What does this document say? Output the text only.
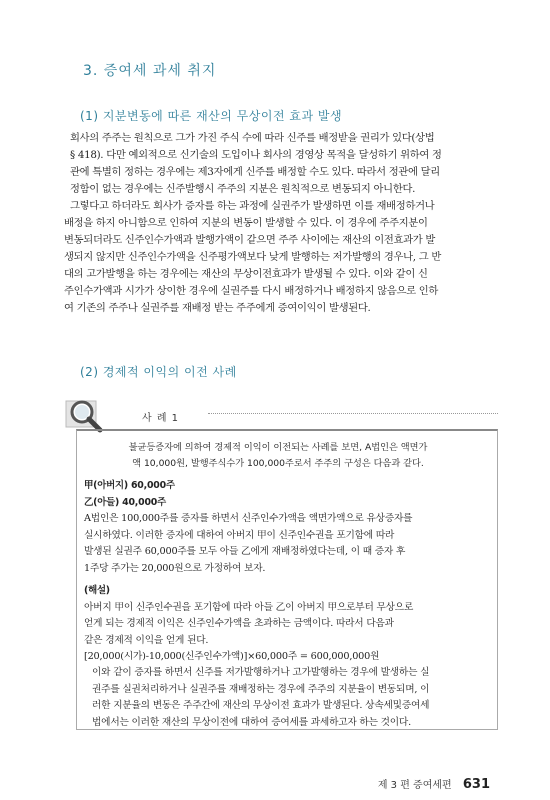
3. 증여세 과세 취지
(1) 지분변동에 따른 재산의 무상이전 효과 발생

회사의 주주는 원칙으로 그가 가진 주식 수에 따라 신주를 배정받을 권리가 있다(상법
§ 418). 다만 예외적으로 신기술의 도입이나 회사의 경영상 목적을 달성하기 위하여 정
관에 특별히 정하는 경우에는 제3자에게 신주를 배정할 수도 있다. 따라서 정관에 달리
정함이 없는 경우에는 신주발행시 주주의 지분은 원칙적으로 변동되지 아니한다.

그렇다고 하더라도 회사가 증자를 하는 과정에 실권주가 발생하면 이를 재배정하거나
배정을 하지 아니함으로 인하여 지분의 변동이 발생할 수 있다. 이 경우에 주주지분이
변동되더라도 신주인수가액과 발행가액이 같으면 주주 사이에는 재산의 이전효과가 발
생되지 않지만 신주인수가액을 신주평가액보다 낮게 발행하는 저가발행의 경우나, 그 반
대의 고가발행을 하는 경우에는 재산의 무상이전효과가 발생될 수 있다. 이와 같이 신
주인수가액과 시가가 상이한 경우에 실권주를 다시 배정하거나 배정하지 않음으로 인하
여 기존의 주주나 실권주를 재배정 받는 주주에게 증여이익이 발생된다.

(2) 경제적 이익의 이전 사례
사 례 1

불균등증자에 의하여 경제적 이익이 이전되는 사례를 보면, A법인은 액면가
액 10,000원, 발행주식수가 100,000주로서 주주의 구성은 다음과 같다.

甲(아버지) 60,000주
乙(아들) 40,000주

A법인은 100,000주를 증자를 하면서 신주인수가액을 액면가액으로 유상증자를
실시하였다. 이러한 증자에 대하여 아버지 甲이 신주인수권을 포기함에 따라
발생된 실권주 60,000주를 모두 아들 乙에게 재배정하였다는데, 이 때 증자 후
1주당 주가는 20,000원으로 가정하여 보자.

(해설)
아버지 甲이 신주인수권을 포기함에 따라 아들 乙이 아버지 甲으로부터 무상으로
얻게 되는 경제적 이익은 신주인수가액을 초과하는 금액이다. 따라서 다음과
같은 경제적 이익을 얻게 된다.
[20,000(시가)-10,000(신주인수가액)]×60,000주 = 600,000,000원

이와 같이 증자를 하면서 신주를 저가발행하거나 고가발행하는 경우에 발생하는 실
권주를 실권처리하거나 실권주를 재배정하는 경우에 주주의 지분율이 변동되며, 이
러한 지분율의 변동은 주주간에 재산의 무상이전 효과가 발생된다. 상속세및증여세
법에서는 이러한 재산의 무상이전에 대하여 증여세를 과세하고자 하는 것이다.

제 3 편 증여세편 631
